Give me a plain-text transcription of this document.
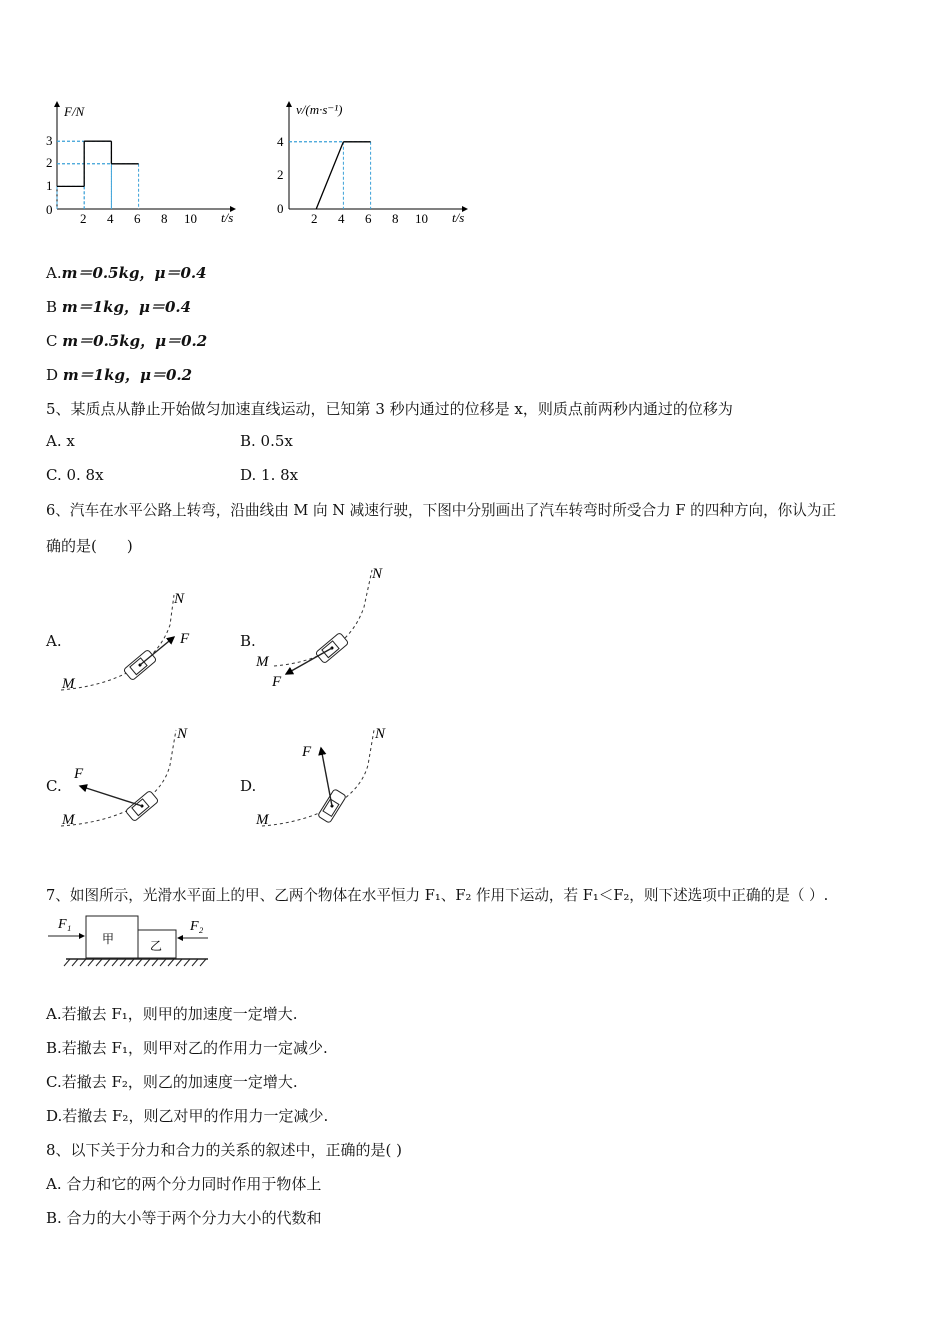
F/N
t/s
3
2
1
0
2 4 6 8 10
v/(m·s⁻¹)
t/s
4
2
0
2 4 6 8 10
A.m＝0.5kg，μ＝0.4
B m＝1kg，μ＝0.4
C m＝0.5kg，μ＝0.2
D m＝1kg，μ＝0.2
5、某质点从静止开始做匀加速直线运动，已知第 3 秒内通过的位移是 x，则质点前两秒内通过的位移为
A. x	B. 0.5x
C. 0. 8x	D. 1. 8x
6、汽车在水平公路上转弯，沿曲线由 M 向 N 减速行驶，下图中分别画出了汽车转弯时所受合力 F 的四种方向，你认为正
确的是(　　)
A.	B.
C.	D.
M
N
F
M
N
F
M
N
F
M
N
F
7、如图所示，光滑水平面上的甲、乙两个物体在水平恒力 F₁、F₂ 作用下运动，若 F₁＜F₂，则下述选项中正确的是（ ）.
甲	乙
F₁	F₂
A.若撤去 F₁，则甲的加速度一定增大.
B.若撤去 F₁，则甲对乙的作用力一定减少.
C.若撤去 F₂，则乙的加速度一定增大.
D.若撤去 F₂，则乙对甲的作用力一定减少.
8、以下关于分力和合力的关系的叙述中，正确的是( )
A. 合力和它的两个分力同时作用于物体上
B. 合力的大小等于两个分力大小的代数和
